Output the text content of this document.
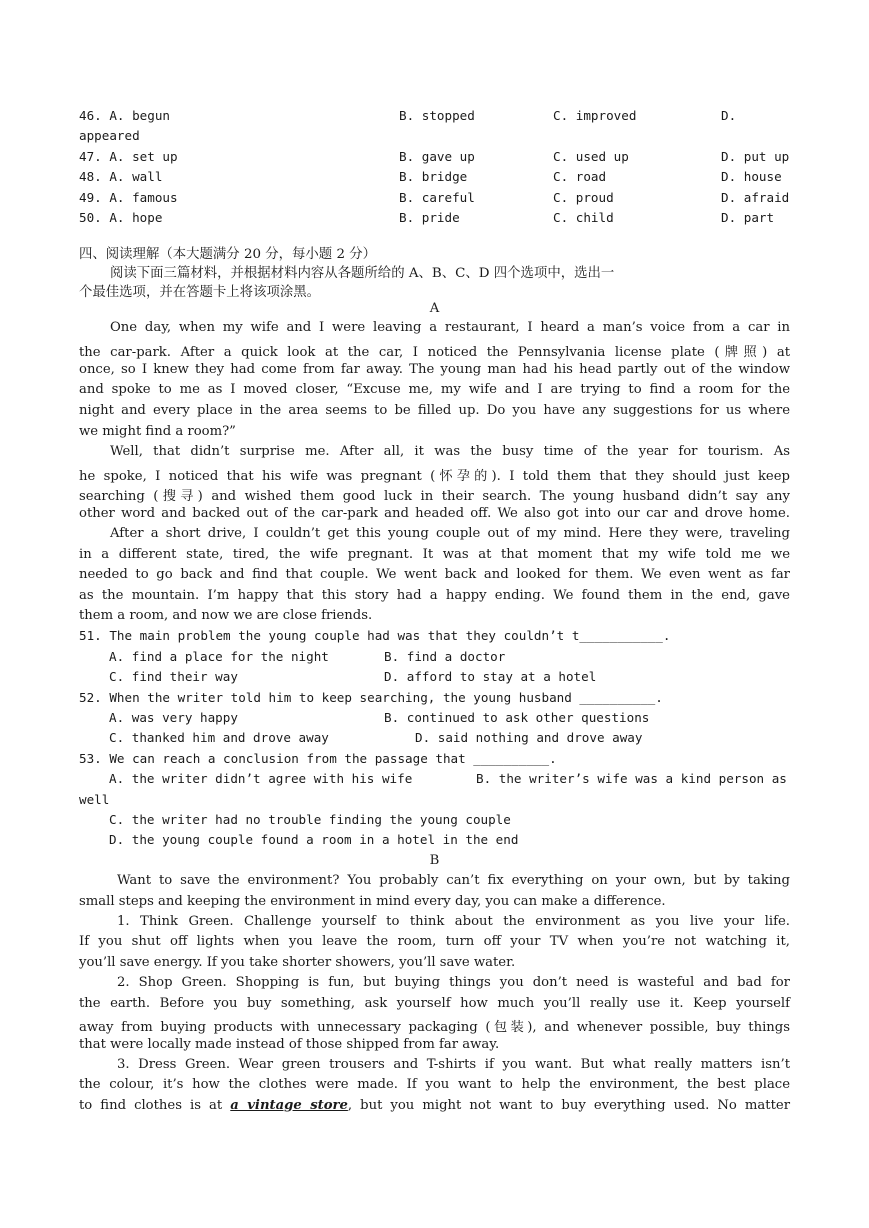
46. A. begun	B. stopped	C. improved	D.
appeared
47. A. set up	B. gave up	C. used up	D. put up
48. A. wall	B. bridge	C. road	D. house
49. A. famous	B. careful	C. proud	D. afraid
50. A. hope	B. pride	C. child	D. part
四、阅读理解（本大题满分 20 分，每小题 2 分）
阅读下面三篇材料，并根据材料内容从各题所给的 A、B、C、D 四个选项中，选出一
个最佳选项，并在答题卡上将该项涂黑。
A
One day, when my wife and I were leaving a restaurant, I heard a man’s voice from a car in
the car-park. After a quick look at the car, I noticed the Pennsylvania license plate (牌照) at
once, so I knew they had come from far away. The young man had his head partly out of the window
and spoke to me as I moved closer, “Excuse me, my wife and I are trying to find a room for the
night and every place in the area seems to be filled up. Do you have any suggestions for us where
we might find a room?”
Well, that didn’t surprise me. After all, it was the busy time of the year for tourism. As
he spoke, I noticed that his wife was pregnant (怀孕的). I told them that they should just keep
searching (搜寻) and wished them good luck in their search. The young husband didn’t say any
other word and backed out of the car-park and headed off. We also got into our car and drove home.
After a short drive, I couldn’t get this young couple out of my mind. Here they were, traveling
in a different state, tired, the wife pregnant. It was at that moment that my wife told me we
needed to go back and find that couple. We went back and looked for them. We even went as far
as the mountain. I’m happy that this story had a happy ending. We found them in the end, gave
them a room, and now we are close friends.
51. The main problem the young couple had was that they couldn’t t___________.
A. find a place for the night	B. find a doctor
C. find their way	D. afford to stay at a hotel
52. When the writer told him to keep searching, the young husband __________.
A. was very happy	B. continued to ask other questions
C. thanked him and drove away	D. said nothing and drove away
53. We can reach a conclusion from the passage that __________.
A. the writer didn’t agree with his wife	B. the writer’s wife was a kind person as
well
C. the writer had no trouble finding the young couple
D. the young couple found a room in a hotel in the end
B
Want to save the environment? You probably can’t fix everything on your own, but by taking
small steps and keeping the environment in mind every day, you can make a difference.
1. Think Green. Challenge yourself to think about the environment as you live your life.
If you shut off lights when you leave the room, turn off your TV when you’re not watching it,
you’ll save energy. If you take shorter showers, you’ll save water.
2. Shop Green. Shopping is fun, but buying things you don’t need is wasteful and bad for
the earth. Before you buy something, ask yourself how much you’ll really use it. Keep yourself
away from buying products with unnecessary packaging (包装), and whenever possible, buy things
that were locally made instead of those shipped from far away.
3. Dress Green. Wear green trousers and T-shirts if you want. But what really matters isn’t
the colour, it’s how the clothes were made. If you want to help the environment, the best place
to find clothes is at a vintage store, but you might not want to buy everything used. No matter
